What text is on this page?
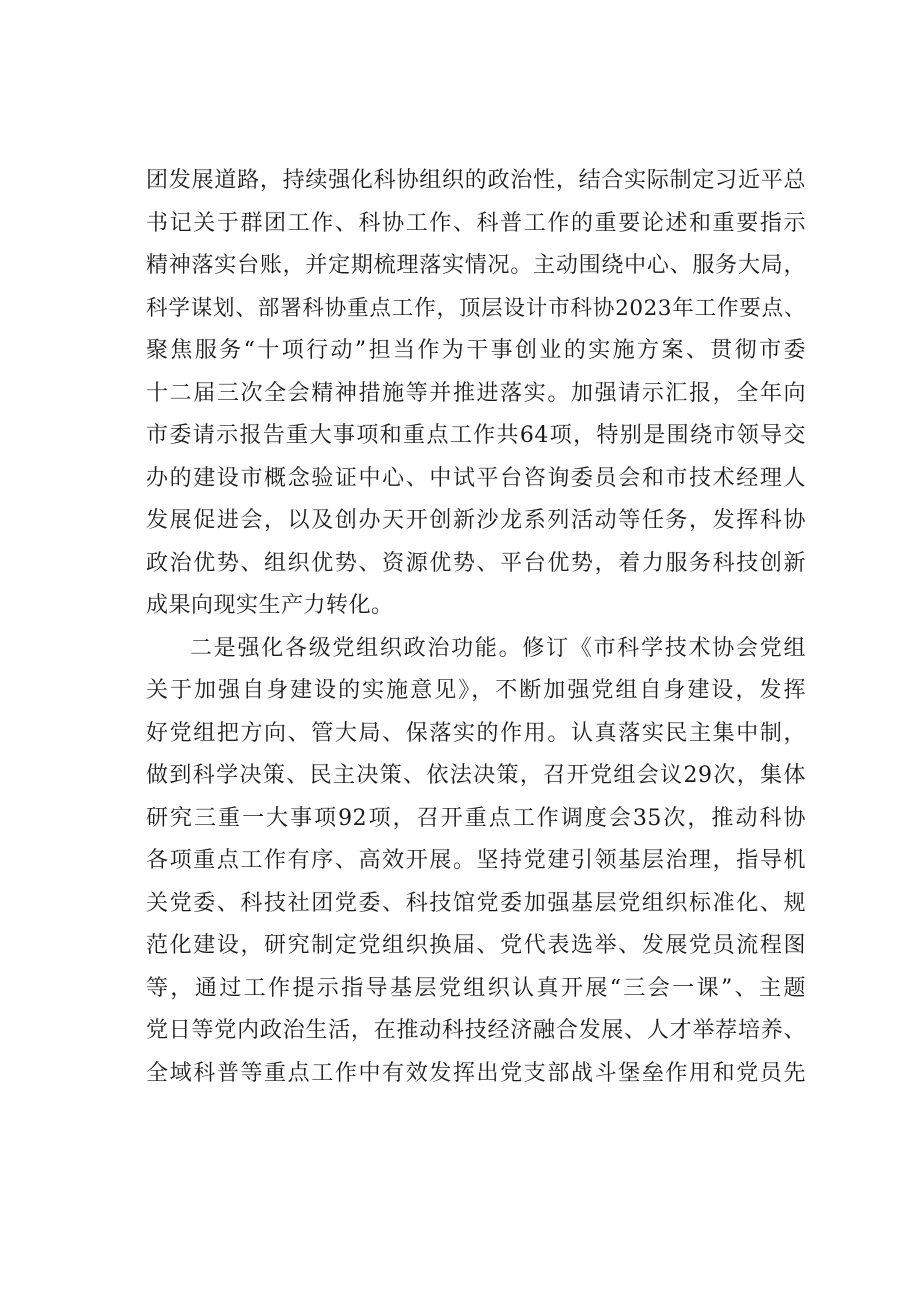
团发展道路，持续强化科协组织的政治性，结合实际制定习近平总
书记关于群团工作、科协工作、科普工作的重要论述和重要指示
精神落实台账，并定期梳理落实情况。主动围绕中心、服务大局，
科学谋划、部署科协重点工作，顶层设计市科协2023年工作要点、
聚焦服务“十项行动”担当作为干事创业的实施方案、贯彻市委
十二届三次全会精神措施等并推进落实。加强请示汇报，全年向
市委请示报告重大事项和重点工作共64项，特别是围绕市领导交
办的建设市概念验证中心、中试平台咨询委员会和市技术经理人
发展促进会，以及创办天开创新沙龙系列活动等任务，发挥科协
政治优势、组织优势、资源优势、平台优势，着力服务科技创新
成果向现实生产力转化。
二是强化各级党组织政治功能。修订《市科学技术协会党组
关于加强自身建设的实施意见》，不断加强党组自身建设，发挥
好党组把方向、管大局、保落实的作用。认真落实民主集中制，
做到科学决策、民主决策、依法决策，召开党组会议29次，集体
研究三重一大事项92项，召开重点工作调度会35次，推动科协
各项重点工作有序、高效开展。坚持党建引领基层治理，指导机
关党委、科技社团党委、科技馆党委加强基层党组织标准化、规
范化建设，研究制定党组织换届、党代表选举、发展党员流程图
等，通过工作提示指导基层党组织认真开展“三会一课”、主题
党日等党内政治生活，在推动科技经济融合发展、人才举荐培养、
全域科普等重点工作中有效发挥出党支部战斗堡垒作用和党员先
